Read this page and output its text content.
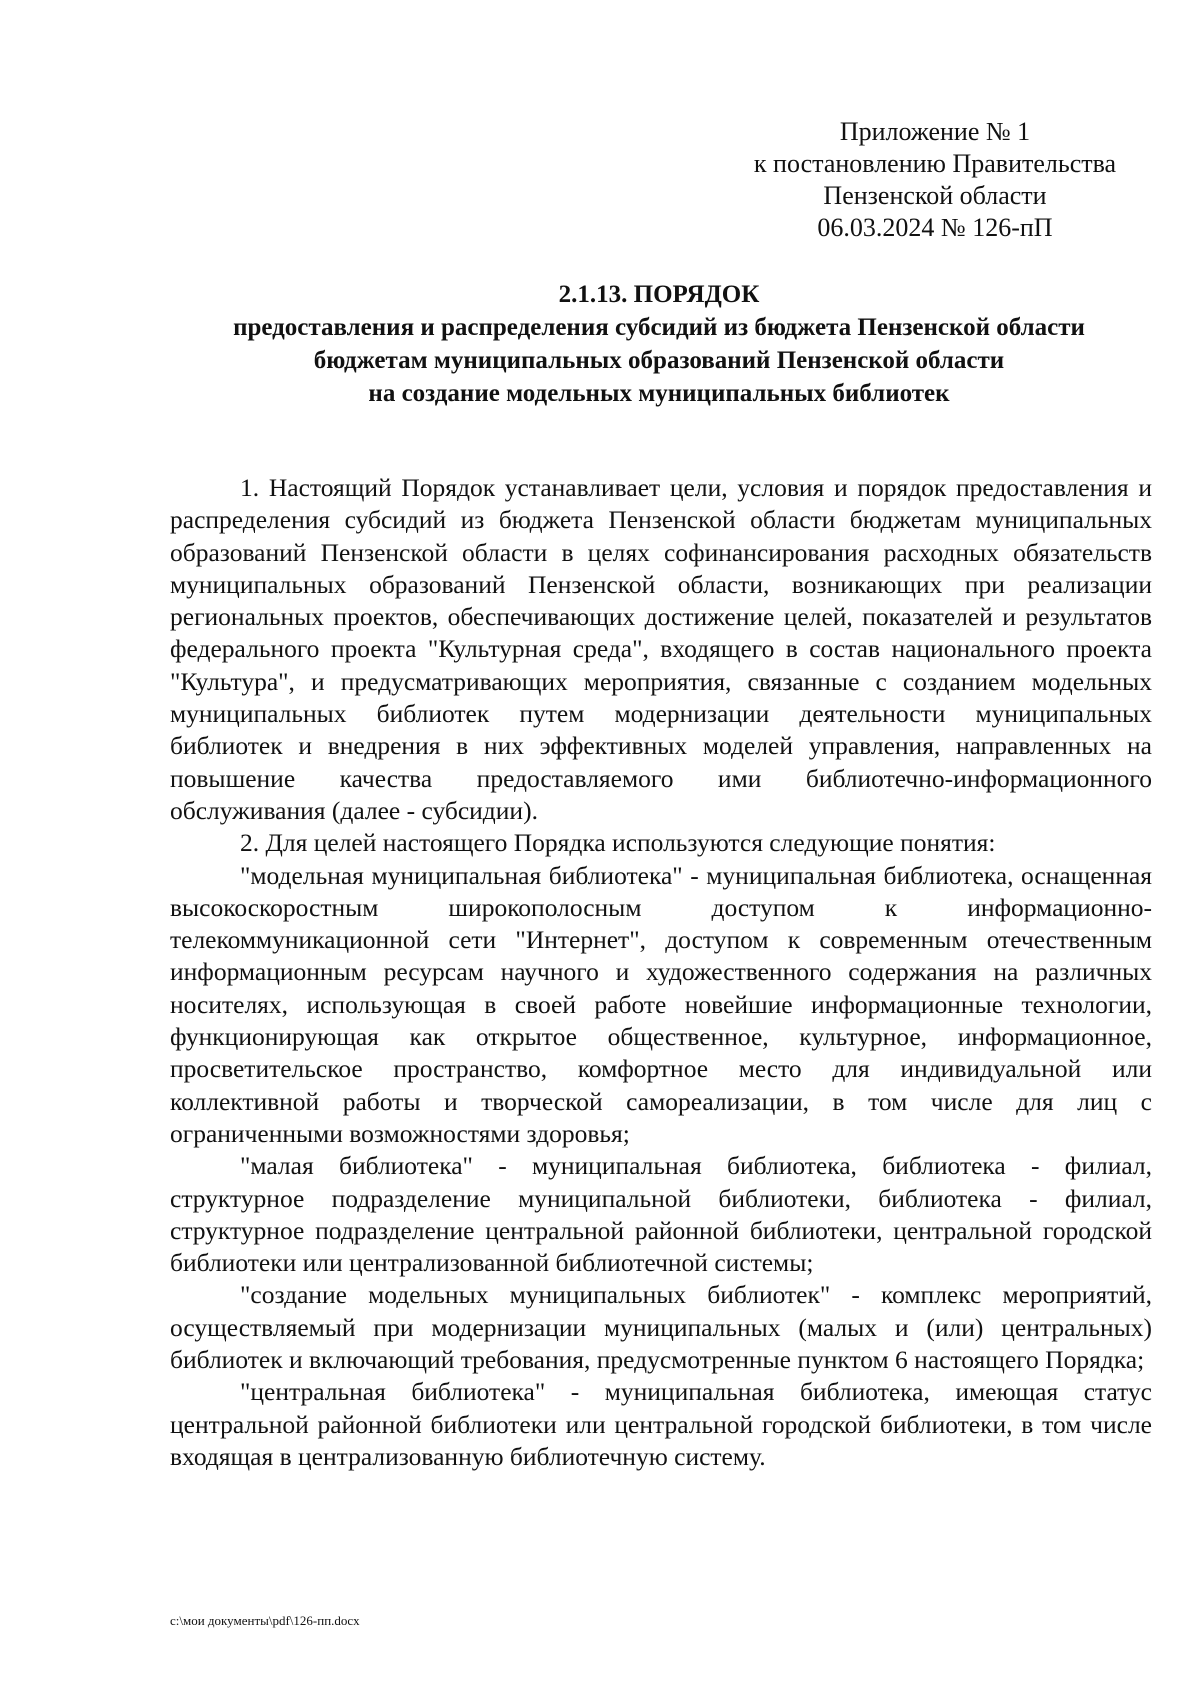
Приложение № 1
к постановлению Правительства
Пензенской области
06.03.2024 № 126-пП
2.1.13. ПОРЯДОК
предоставления и распределения субсидий из бюджета Пензенской области
бюджетам муниципальных образований Пензенской области
на создание модельных муниципальных библиотек

1. Настоящий Порядок устанавливает цели, условия и порядок предоставления и распределения субсидий из бюджета Пензенской области бюджетам муниципальных образований Пензенской области в целях софинансирования расходных обязательств муниципальных образований Пензенской области, возникающих при реализации региональных проектов, обеспечивающих достижение целей, показателей и результатов федерального проекта "Культурная среда", входящего в состав национального проекта "Культура", и предусматривающих мероприятия, связанные с созданием модельных муниципальных библиотек путем модернизации деятельности муниципальных библиотек и внедрения в них эффективных моделей управления, направленных на повышение качества предоставляемого ими библиотечно-информационного обслуживания (далее - субсидии).

2. Для целей настоящего Порядка используются следующие понятия:

"модельная муниципальная библиотека" - муниципальная библиотека, оснащенная высокоскоростным широкополосным доступом к информационно-телекоммуникационной сети "Интернет", доступом к современным отечественным информационным ресурсам научного и художественного содержания на различных носителях, использующая в своей работе новейшие информационные технологии, функционирующая как открытое общественное, культурное, информационное, просветительское пространство, комфортное место для индивидуальной или коллективной работы и творческой самореализации, в том числе для лиц с ограниченными возможностями здоровья;

"малая библиотека" - муниципальная библиотека, библиотека - филиал, структурное подразделение муниципальной библиотеки, библиотека - филиал, структурное подразделение центральной районной библиотеки, центральной городской библиотеки или централизованной библиотечной системы;

"создание модельных муниципальных библиотек" - комплекс мероприятий, осуществляемый при модернизации муниципальных (малых и (или) центральных) библиотек и включающий требования, предусмотренные пунктом 6 настоящего Порядка;

"центральная библиотека" - муниципальная библиотека, имеющая статус центральной районной библиотеки или центральной городской библиотеки, в том числе входящая в централизованную библиотечную систему.

c:\мои документы\pdf\126-пп.docx
